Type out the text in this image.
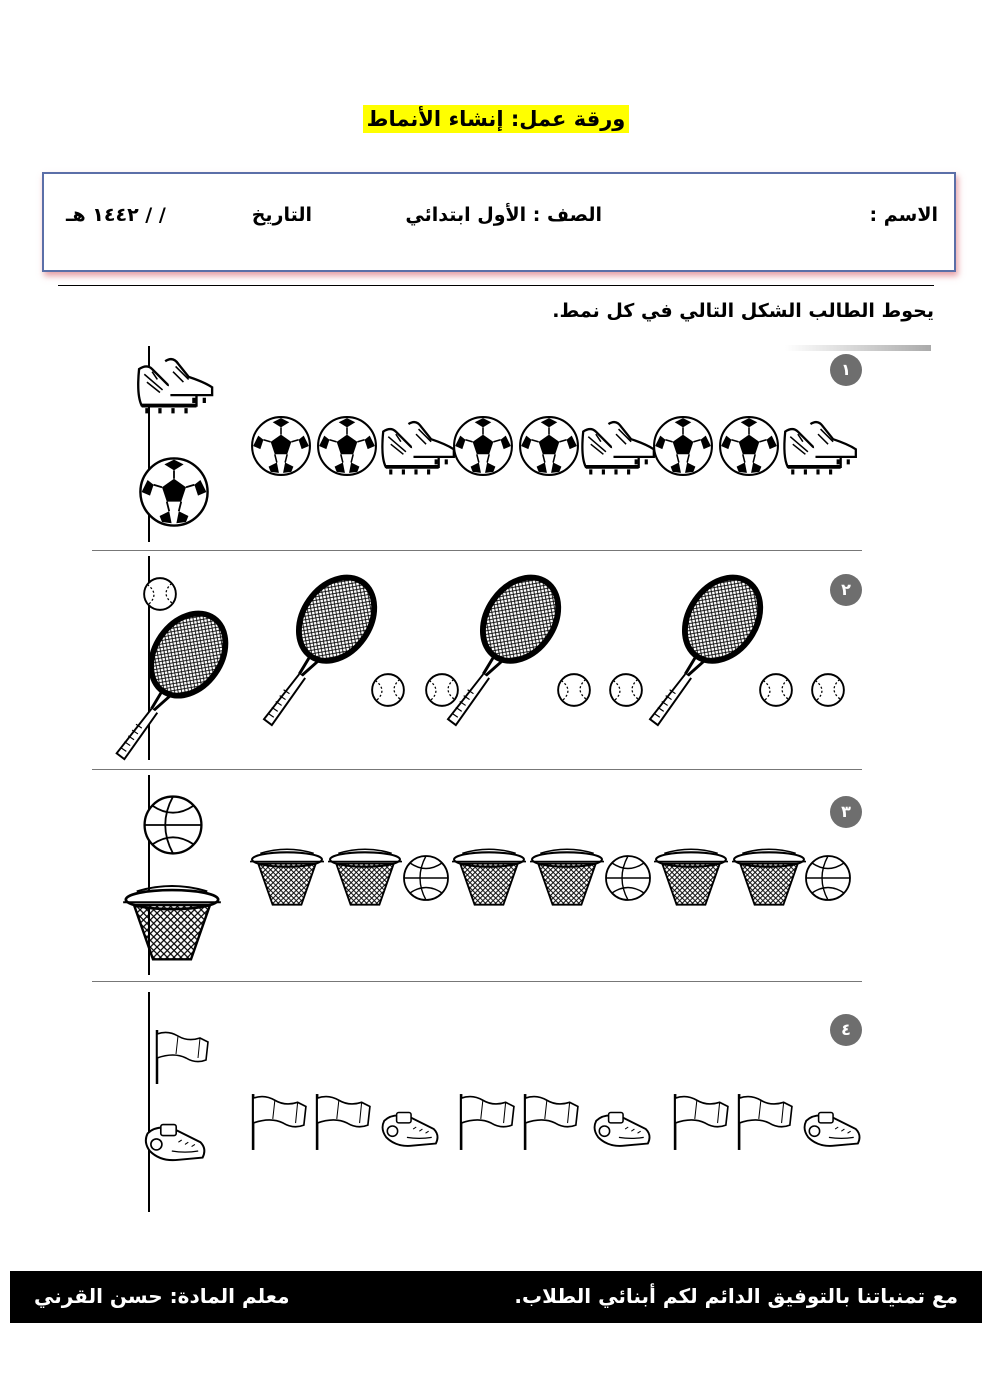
ورقة عمل: إنشاء الأنماط
الاسم :
الصف : الأول ابتدائي
التاريخ
/ / ١٤٤٢ هـ
يحوط الطالب الشكل التالي في كل نمط.
١
٢
٣
٤
مع تمنياتنا بالتوفيق الدائم لكم أبنائي الطلاب.
معلم المادة: حسن القرني
